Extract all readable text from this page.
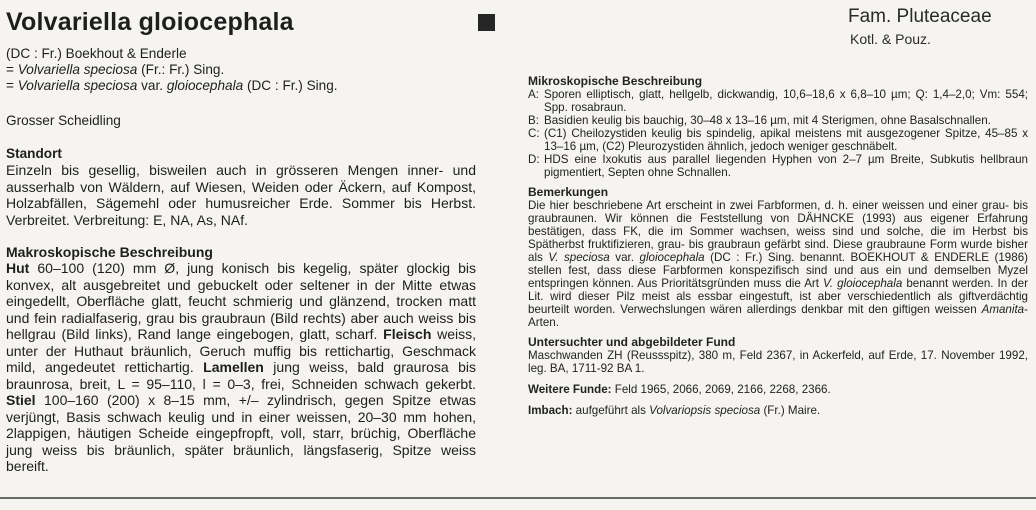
Volvariella gloiocephala	Fam. Pluteaceae
Kotl. & Pouz.
(DC : Fr.) Boekhout & Enderle
= Volvariella speciosa (Fr.: Fr.) Sing.
= Volvariella speciosa var. gloiocephala (DC : Fr.) Sing.
Grosser Scheidling
Standort
Einzeln bis gesellig, bisweilen auch in grösseren Mengen inner- und ausserhalb von Wäldern, auf Wiesen, Weiden oder Äckern, auf Kompost, Holzabfällen, Sägemehl oder humusreicher Erde. Sommer bis Herbst. Verbreitet. Verbreitung: E, NA, As, NAf.
Makroskopische Beschreibung
Hut 60–100 (120) mm Ø, jung konisch bis kegelig, später glockig bis konvex, alt ausgebreitet und gebuckelt oder seltener in der Mitte etwas eingedellt, Oberfläche glatt, feucht schmierig und glänzend, trocken matt und fein radialfaserig, grau bis graubraun (Bild rechts) aber auch weiss bis hellgrau (Bild links), Rand lange eingebogen, glatt, scharf. Fleisch weiss, unter der Huthaut bräunlich, Geruch muffig bis rettichartig, Geschmack mild, angedeutet rettichartig. Lamellen jung weiss, bald graurosa bis braunrosa, breit, L = 95–110, l = 0–3, frei, Schneiden schwach gekerbt. Stiel 100–160 (200) x 8–15 mm, +/– zylindrisch, gegen Spitze etwas verjüngt, Basis schwach keulig und in einer weissen, 20–30 mm hohen, 2lappigen, häutigen Scheide eingepfropft, voll, starr, brüchig, Oberfläche jung weiss bis bräunlich, später bräunlich, längsfaserig, Spitze weiss bereift.
Mikroskopische Beschreibung
A: Sporen elliptisch, glatt, hellgelb, dickwandig, 10,6–18,6 x 6,8–10 µm; Q: 1,4–2,0; Vm: 554; Spp. rosabraun.
B: Basidien keulig bis bauchig, 30–48 x 13–16 µm, mit 4 Sterigmen, ohne Basalschnallen.
C: (C1) Cheilozystiden keulig bis spindelig, apikal meistens mit ausgezogener Spitze, 45–85 x 13–16 µm, (C2) Pleurozystiden ähnlich, jedoch weniger geschnäbelt.
D: HDS eine Ixokutis aus parallel liegenden Hyphen von 2–7 µm Breite, Subkutis hellbraun pigmentiert, Septen ohne Schnallen.
Bemerkungen
Die hier beschriebene Art erscheint in zwei Farbformen, d. h. einer weissen und einer grau- bis graubraunen. Wir können die Feststellung von DÄHNCKE (1993) aus eigener Erfahrung bestätigen, dass FK, die im Sommer wachsen, weiss sind und solche, die im Herbst bis Spätherbst fruktifizieren, grau- bis graubraun gefärbt sind. Diese graubraune Form wurde bisher als V. speciosa var. gloiocephala (DC : Fr.) Sing. benannt. BOEKHOUT & ENDERLE (1986) stellen fest, dass diese Farbformen konspezifisch sind und aus ein und demselben Myzel entspringen können. Aus Prioritätsgründen muss die Art V. gloiocephala benannt werden. In der Lit. wird dieser Pilz meist als essbar eingestuft, ist aber verschiedentlich als giftverdächtig beurteilt worden. Verwechslungen wären allerdings denkbar mit den giftigen weissen Amanita-Arten.
Untersuchter und abgebildeter Fund
Maschwanden ZH (Reussspitz), 380 m, Feld 2367, in Ackerfeld, auf Erde, 17. November 1992, leg. BA, 1711-92 BA 1.
Weitere Funde: Feld 1965, 2066, 2069, 2166, 2268, 2366.
Imbach: aufgeführt als Volvariopsis speciosa (Fr.) Maire.
